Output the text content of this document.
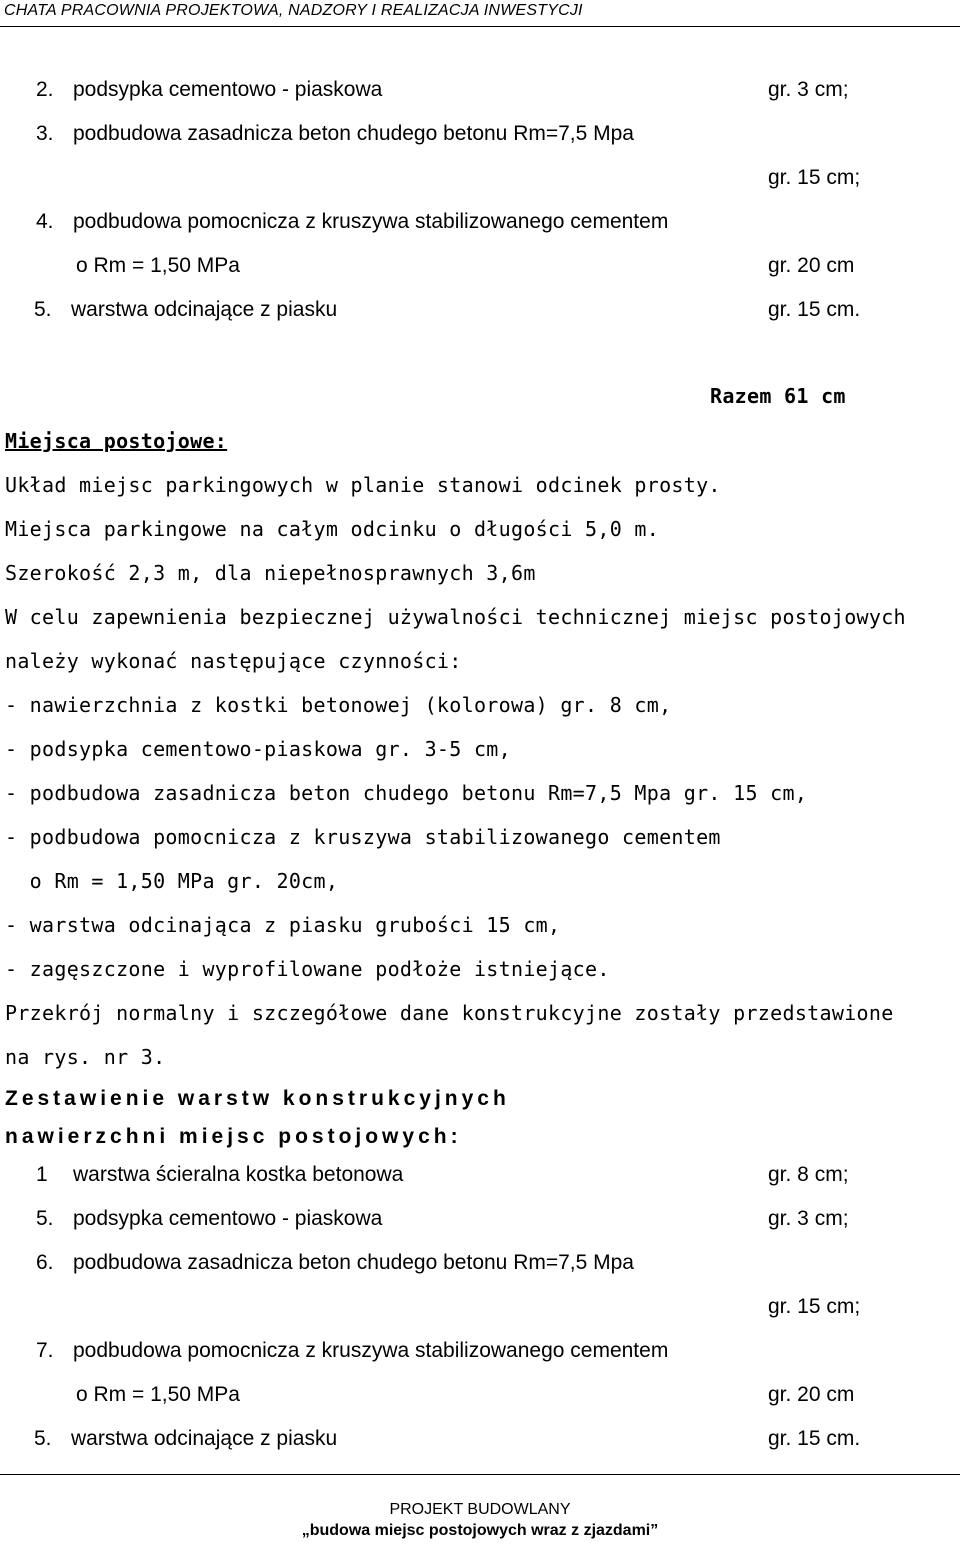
CHATA PRACOWNIA PROJEKTOWA, NADZORY I REALIZACJA INWESTYCJI
2. podsypka cementowo - piaskowa	gr. 3 cm;
3. podbudowa zasadnicza beton chudego betonu Rm=7,5 Mpa
gr. 15 cm;
4. podbudowa pomocnicza z kruszywa stabilizowanego cementem
o Rm = 1,50 MPa	gr. 20 cm
5. warstwa odcinające z piasku	gr. 15 cm.
Razem 61 cm
Miejsca postojowe:
Układ miejsc parkingowych w planie stanowi odcinek prosty.
Miejsca parkingowe na całym odcinku o długości 5,0 m.
Szerokość 2,3 m, dla niepełnosprawnych 3,6m
W celu zapewnienia bezpiecznej używalności technicznej miejsc postojowych
należy wykonać następujące czynności:
- nawierzchnia z kostki betonowej (kolorowa) gr. 8 cm,
- podsypka cementowo-piaskowa gr. 3-5 cm,
- podbudowa zasadnicza beton chudego betonu Rm=7,5 Mpa gr. 15 cm,
- podbudowa pomocnicza z kruszywa stabilizowanego cementem
o Rm = 1,50 MPa gr. 20cm,
- warstwa odcinająca z piasku grubości 15 cm,
- zagęszczone i wyprofilowane podłoże istniejące.
Przekrój normalny i szczegółowe dane konstrukcyjne zostały przedstawione
na rys. nr 3.
Zestawienie warstw konstrukcyjnych
nawierzchni miejsc postojowych:
1 warstwa ścieralna kostka betonowa	gr. 8 cm;
5. podsypka cementowo - piaskowa	gr. 3 cm;
6. podbudowa zasadnicza beton chudego betonu Rm=7,5 Mpa
gr. 15 cm;
7. podbudowa pomocnicza z kruszywa stabilizowanego cementem
o Rm = 1,50 MPa	gr. 20 cm
5. warstwa odcinające z piasku	gr. 15 cm.
PROJEKT BUDOWLANY
„budowa miejsc postojowych wraz z zjazdami”
